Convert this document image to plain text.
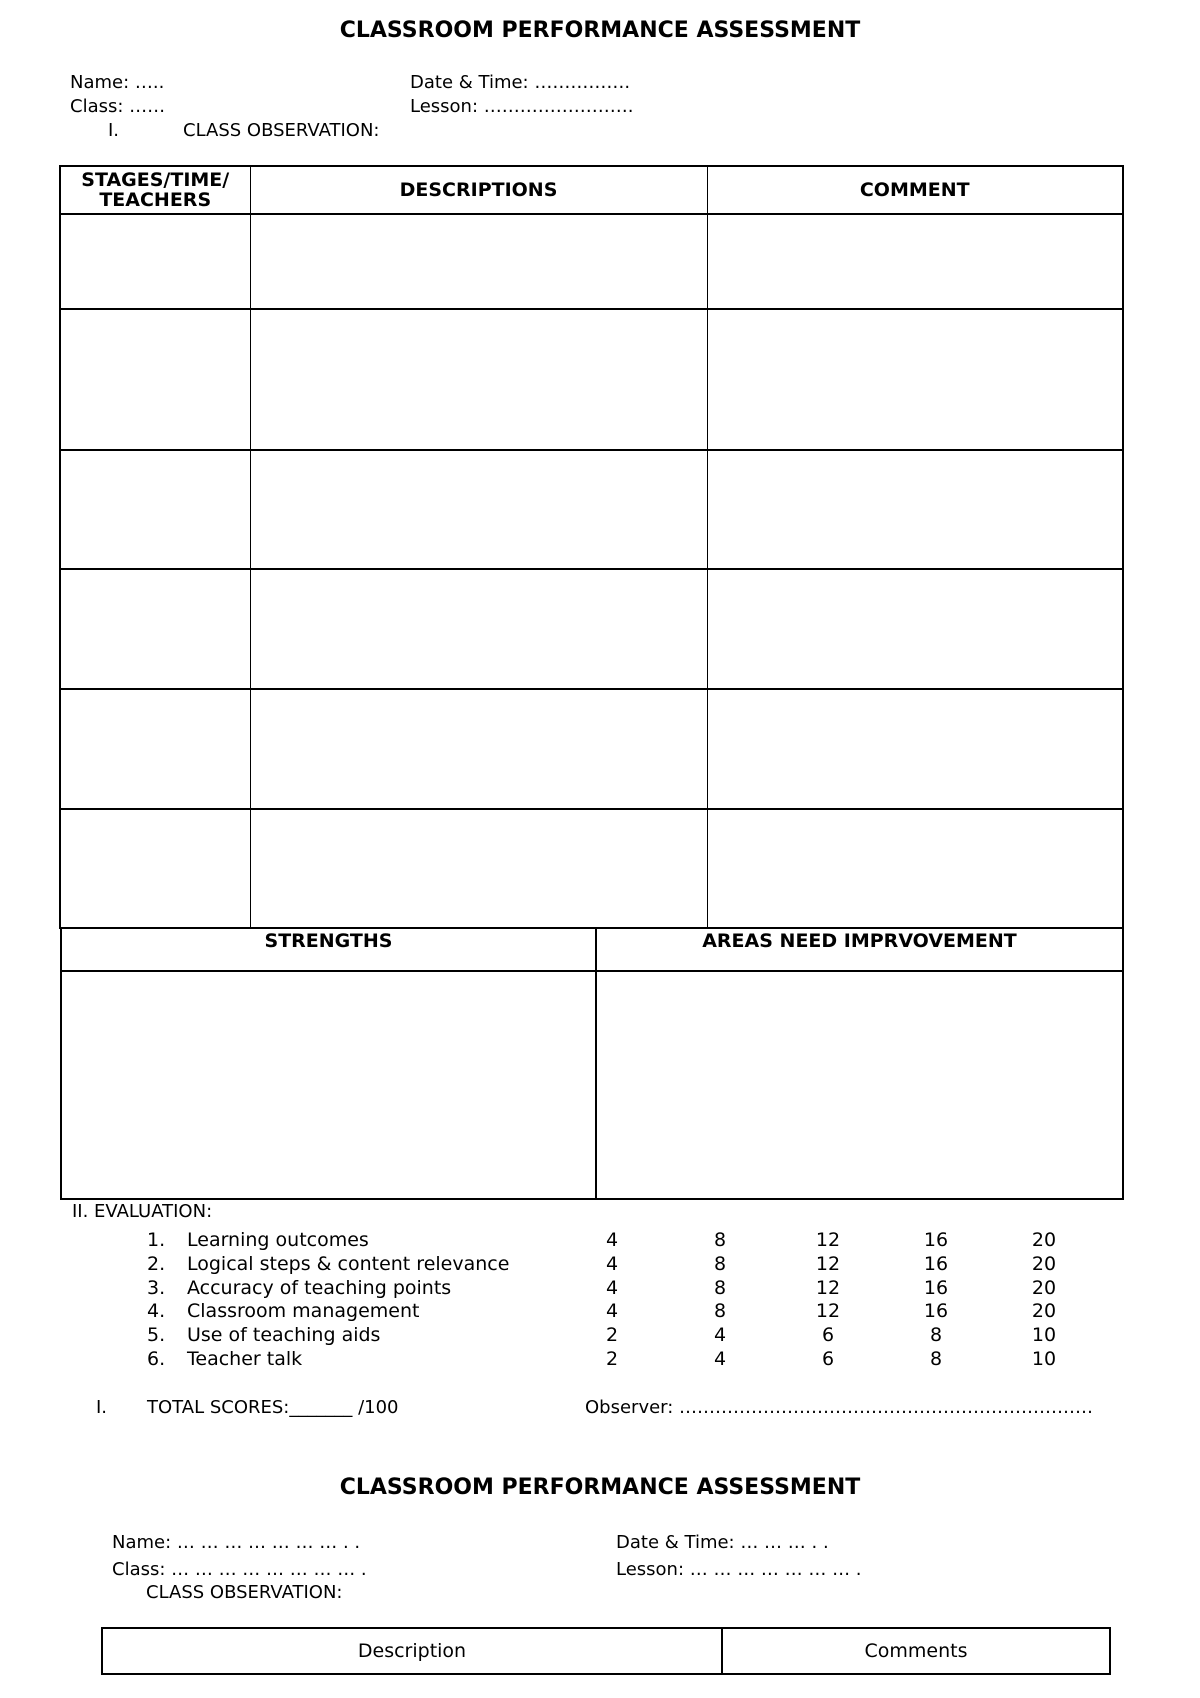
CLASSROOM PERFORMANCE ASSESSMENT
Name: …..	Date & Time: …………….
Class: ……	Lesson: …………………….
I.	CLASS OBSERVATION:
STAGES/TIME/
TEACHERS	DESCRIPTIONS	COMMENT

STRENGTHS	AREAS NEED IMPRVOVEMENT

II. EVALUATION:
1. Learning outcomes	4	8	12	16	20
2. Logical steps & content relevance	4	8	12	16	20
3. Accuracy of teaching points	4	8	12	16	20
4. Classroom management	4	8	12	16	20
5. Use of teaching aids	2	4	6	8	10
6. Teacher talk	2	4	6	8	10
I. TOTAL SCORES:_______ /100	Observer: ……………………………………………………………
CLASSROOM PERFORMANCE ASSESSMENT
Name: … … … … … … … . .	Date & Time: … … … . .
Class: … … … … … … … … .	Lesson: … … … … … … … .
CLASS OBSERVATION:
Description	Comments
